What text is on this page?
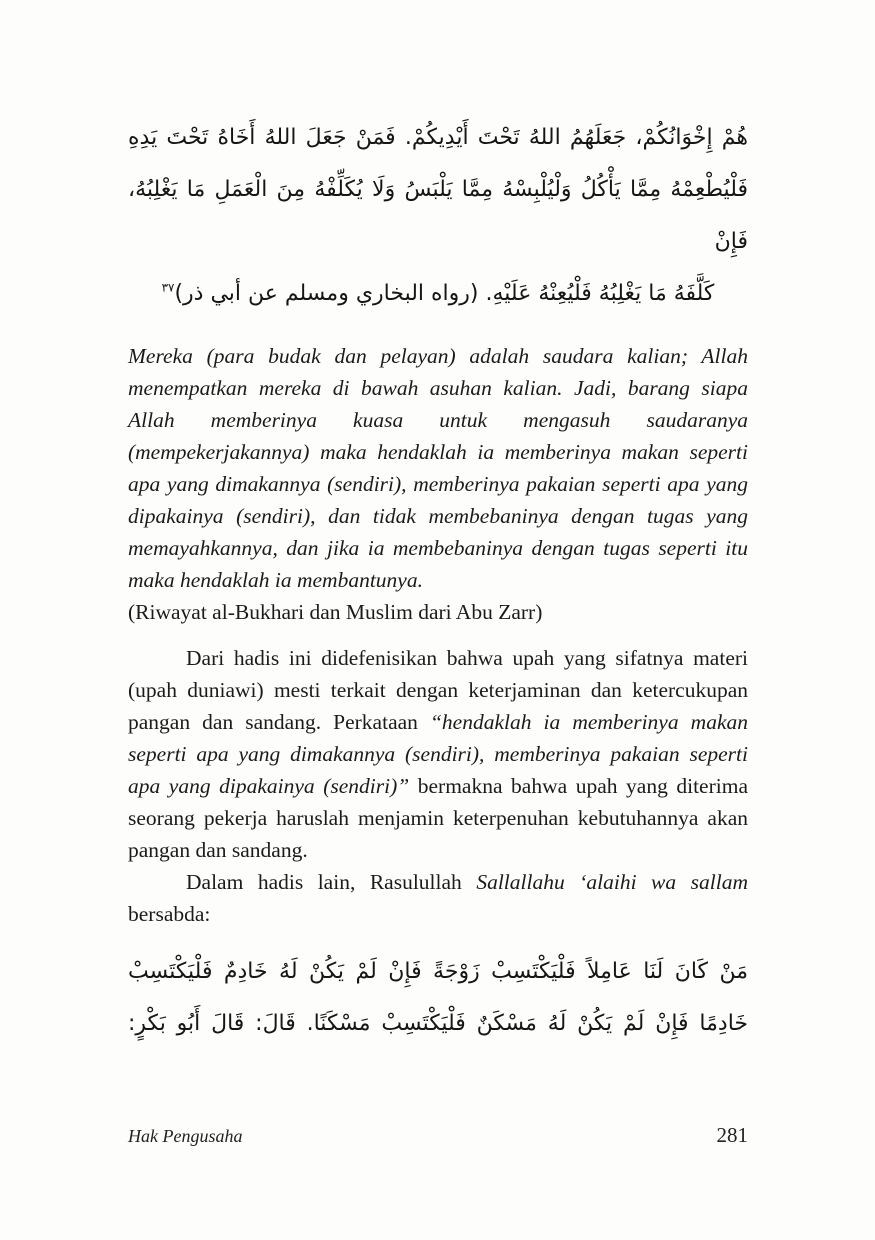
هُمْ إِخْوَانُكُمْ، جَعَلَهُمُ اللهُ تَحْتَ أَيْدِيكُمْ. فَمَنْ جَعَلَ اللهُ أَخَاهُ تَحْتَ يَدِهِ
فَلْيُطْعِمْهُ مِمَّا يَأْكُلُ وَلْيُلْبِسْهُ مِمَّا يَلْبَسُ وَلَا يُكَلِّفْهُ مِنَ الْعَمَلِ مَا يَغْلِبُهُ، فَإِنْ
كَلَّفَهُ مَا يَغْلِبُهُ فَلْيُعِنْهُ عَلَيْهِ. (رواه البخاري ومسلم عن أبي ذر)$^{٣٧}$

Mereka (para budak dan pelayan) adalah saudara kalian; Allah menempatkan mereka di bawah asuhan kalian. Jadi, barang siapa Allah memberinya kuasa untuk mengasuh saudaranya (mempekerjakannya) maka hendaklah ia memberinya makan seperti apa yang dimakannya (sendiri), memberinya pakaian seperti apa yang dipakainya (sendiri), dan tidak membebaninya dengan tugas yang memayahkannya, dan jika ia membebaninya dengan tugas seperti itu maka hendaklah ia membantunya.
(Riwayat al-Bukhari dan Muslim dari Abu Zarr)

Dari hadis ini didefenisikan bahwa upah yang sifatnya materi (upah duniawi) mesti terkait dengan keterjaminan dan ketercukupan pangan dan sandang. Perkataan “hendaklah ia memberinya makan seperti apa yang dimakannya (sendiri), memberinya pakaian seperti apa yang dipakainya (sendiri)” bermakna bahwa upah yang diterima seorang pekerja haruslah menjamin keterpenuhan kebutuhannya akan pangan dan sandang.

Dalam hadis lain, Rasulullah Sallallahu ‘alaihi wa sallam bersabda:

مَنْ كَانَ لَنَا عَامِلاً فَلْيَكْتَسِبْ زَوْجَةً فَإِنْ لَمْ يَكُنْ لَهُ خَادِمٌ فَلْيَكْتَسِبْ
خَادِمًا فَإِنْ لَمْ يَكُنْ لَهُ مَسْكَنٌ فَلْيَكْتَسِبْ مَسْكَنًا. قَالَ: قَالَ أَبُو بَكْرٍ:
Hak Pengusaha	281
